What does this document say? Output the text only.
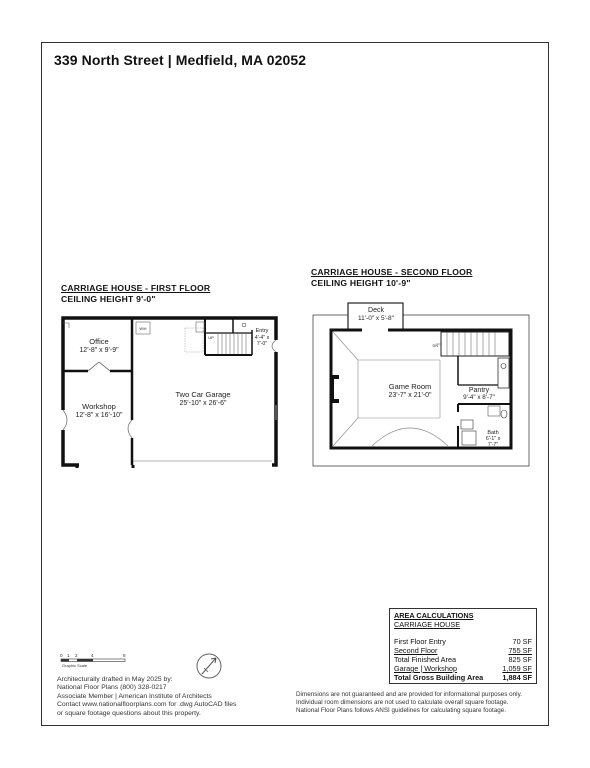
339 North Street | Medfield, MA 02052
CARRIAGE HOUSE - FIRST FLOOR
CEILING HEIGHT 9'-0"
CARRIAGE HOUSE - SECOND FLOOR
CEILING HEIGHT 10'-9"
Office
12'-8" x 9'-9"
Workshop
12'-8" x 16'-10"
Two Car Garage
25'-10" x 26'-6"
Entry
4'-4" x
7'-0"
Cl
UP
W/H
Deck
11'-0" x 5'-8"
Game Room
23'-7" x 21'-0"
Pantry
9'-4" x 8'-7"
Bath
6'-1" x
7'-7"
DN
0 1 2	4	8
Graphic Scale
Architecturally drafted in May 2025 by:
National Floor Plans (800) 328-0217
Associate Member | American Institute of Architects
Contact www.nationalfloorplans.com for .dwg AutoCAD files
or square footage questions about this property.
AREA CALCULATIONS
CARRIAGE HOUSE
First Floor Entry	70 SF
Second Floor	755 SF
Total Finished Area	825 SF
Garage | Workshop	1,059 SF
Total Gross Building Area	1,884 SF
Dimensions are not guaranteed and are provided for informational purposes only.
Individual room dimensions are not used to calculate overall square footage.
National Floor Plans follows ANSI guidelines for calculating square footage.
